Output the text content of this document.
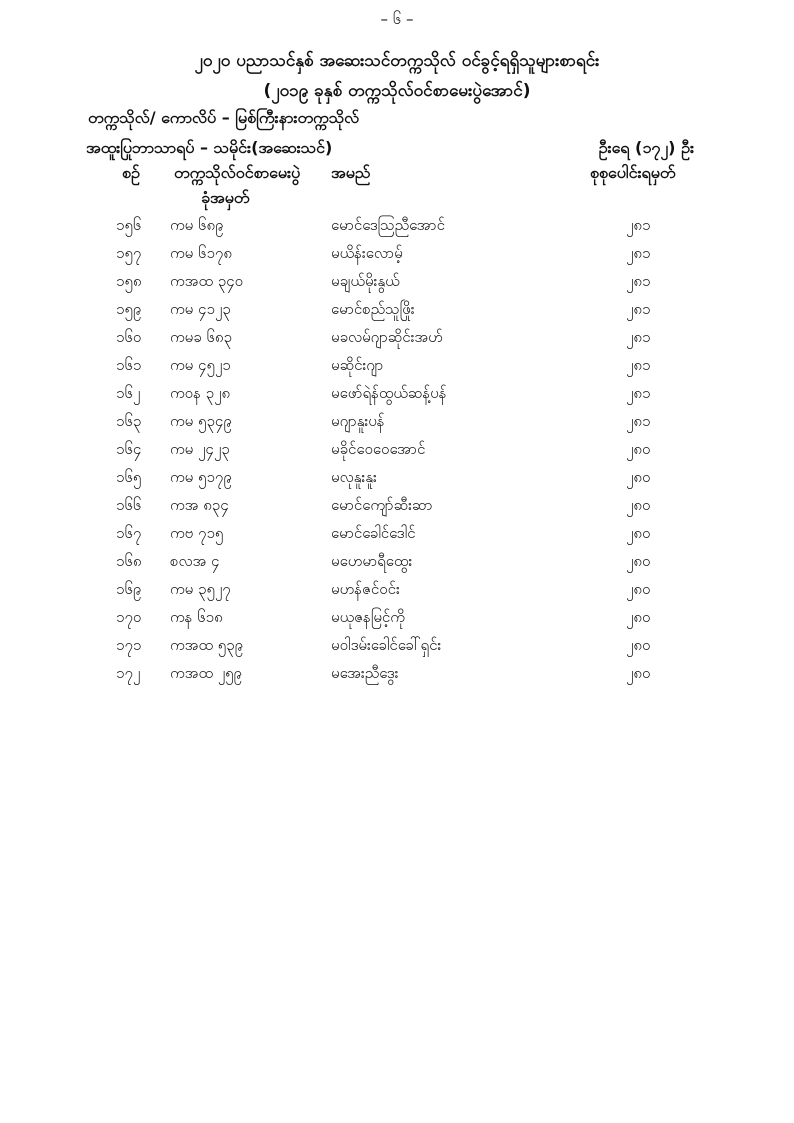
– ၆ –
၂၀၂၀ ပညာသင်နှစ် အဆေးသင်တက္ကသိုလ် ဝင်ခွင့်ရရှိသူများစာရင်း
(၂၀၁၉ ခုနှစ် တက္ကသိုလ်ဝင်စာမေးပွဲအောင်)
တက္ကသိုလ်/ ကောလိပ် – မြစ်ကြီးနားတက္ကသိုလ်
အထူးပြုဘာသာရပ် – သမိုင်း(အဆေးသင်)	ဦးရေ (၁၇၂) ဦး
စဉ် တက္ကသိုလ်ဝင်စာမေးပွဲ
ခုံအမှတ်
အမည်	စုစုပေါင်းရမှတ်
၁၅၆ ကမ ၆၈၉	မောင်ဒေသြညီအောင်	၂၈၁
၁၅၇ ကမ ၆၁၇၈	မယိန်းလောမ့်	၂၈၁
၁၅၈ ကအထ ၃၄၀	မချယ်မိုးနွယ်	၂၈၁
၁၅၉ ကမ ၄၁၂၃	မောင်စည်သူဖြိုး	၂၈၁
၁၆၀ ကမခ ၆၈၃	မခလမ်ဂျာဆိုင်းအဟ်	၂၈၁
၁၆၁ ကမ ၄၅၂၁	မဆိုင်းဂျာ	၂၈၁
၁၆၂ ကဝန ၃၂၈	မဖော်ရဲန်ထွယ်ဆန့်ပန်	၂၈၁
၁၆၃ ကမ ၅၃၄၉	မဂျာနူးပန်	၂၈၁
၁၆၄ ကမ ၂၄၂၃	မခိုင်ဝေဝေအောင်	၂၈၀
၁၆၅ ကမ ၅၁၇၉	မလုနူးနူး	၂၈၀
၁၆၆ ကအ ၈၃၄	မောင်ကျော်ဆီးဆာ	၂၈၀
၁၆၇ ကဗ ၇၁၅	မောင်ခေါင်ဒေါင်	၂၈၀
၁၆၈ စလအ ၄	မဟေမာရီထွေး	၂၈၀
၁၆၉ ကမ ၃၅၂၇	မဟန်ဇင်ဝင်း	၂၈၀
၁၇၀ ကန ၆၁၈	မယုဇနမြင့်ကို	၂၈၀
၁၇၁ ကအထ ၅၃၉	မဝါဒမ်းခေါင်ခေါ်ရှင်း	၂၈၀
၁၇၂ ကအထ ၂၅၉	မအေးညီဒွေး	၂၈၀
